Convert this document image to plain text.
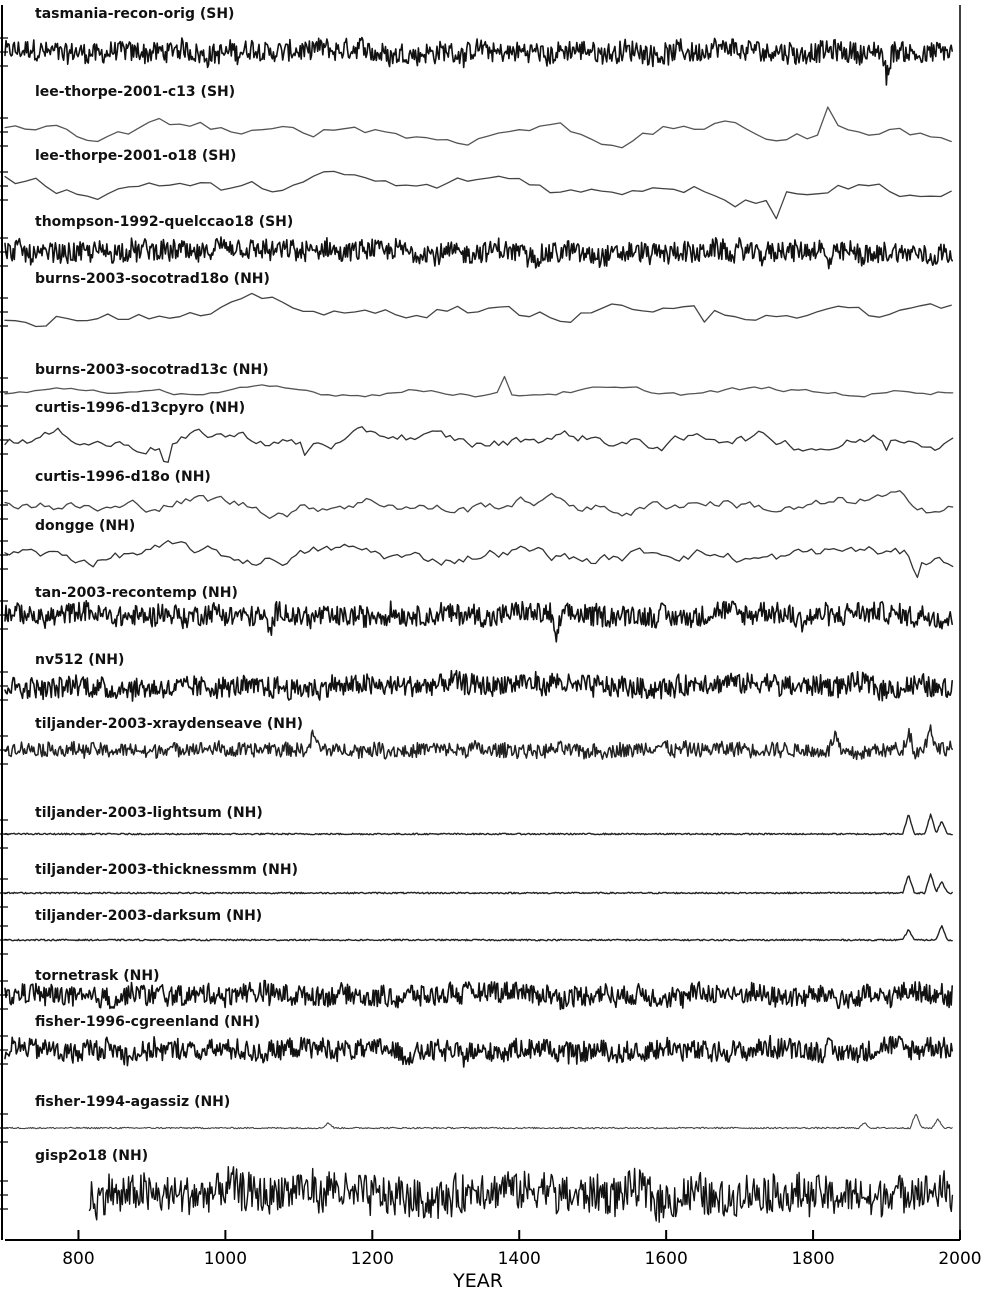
tasmania-recon-orig (SH)
lee-thorpe-2001-c13 (SH)
lee-thorpe-2001-o18 (SH)
thompson-1992-quelccao18 (SH)
burns-2003-socotrad18o (NH)
burns-2003-socotrad13c (NH)
curtis-1996-d13cpyro (NH)
curtis-1996-d18o (NH)
dongge (NH)
tan-2003-recontemp (NH)
nv512 (NH)
tiljander-2003-xraydenseave (NH)
tiljander-2003-lightsum (NH)
tiljander-2003-thicknessmm (NH)
tiljander-2003-darksum (NH)
tornetrask (NH)
fisher-1996-cgreenland (NH)
fisher-1994-agassiz (NH)
gisp2o18 (NH)
800	1000	1200	1400	1600	1800	2000
YEAR
